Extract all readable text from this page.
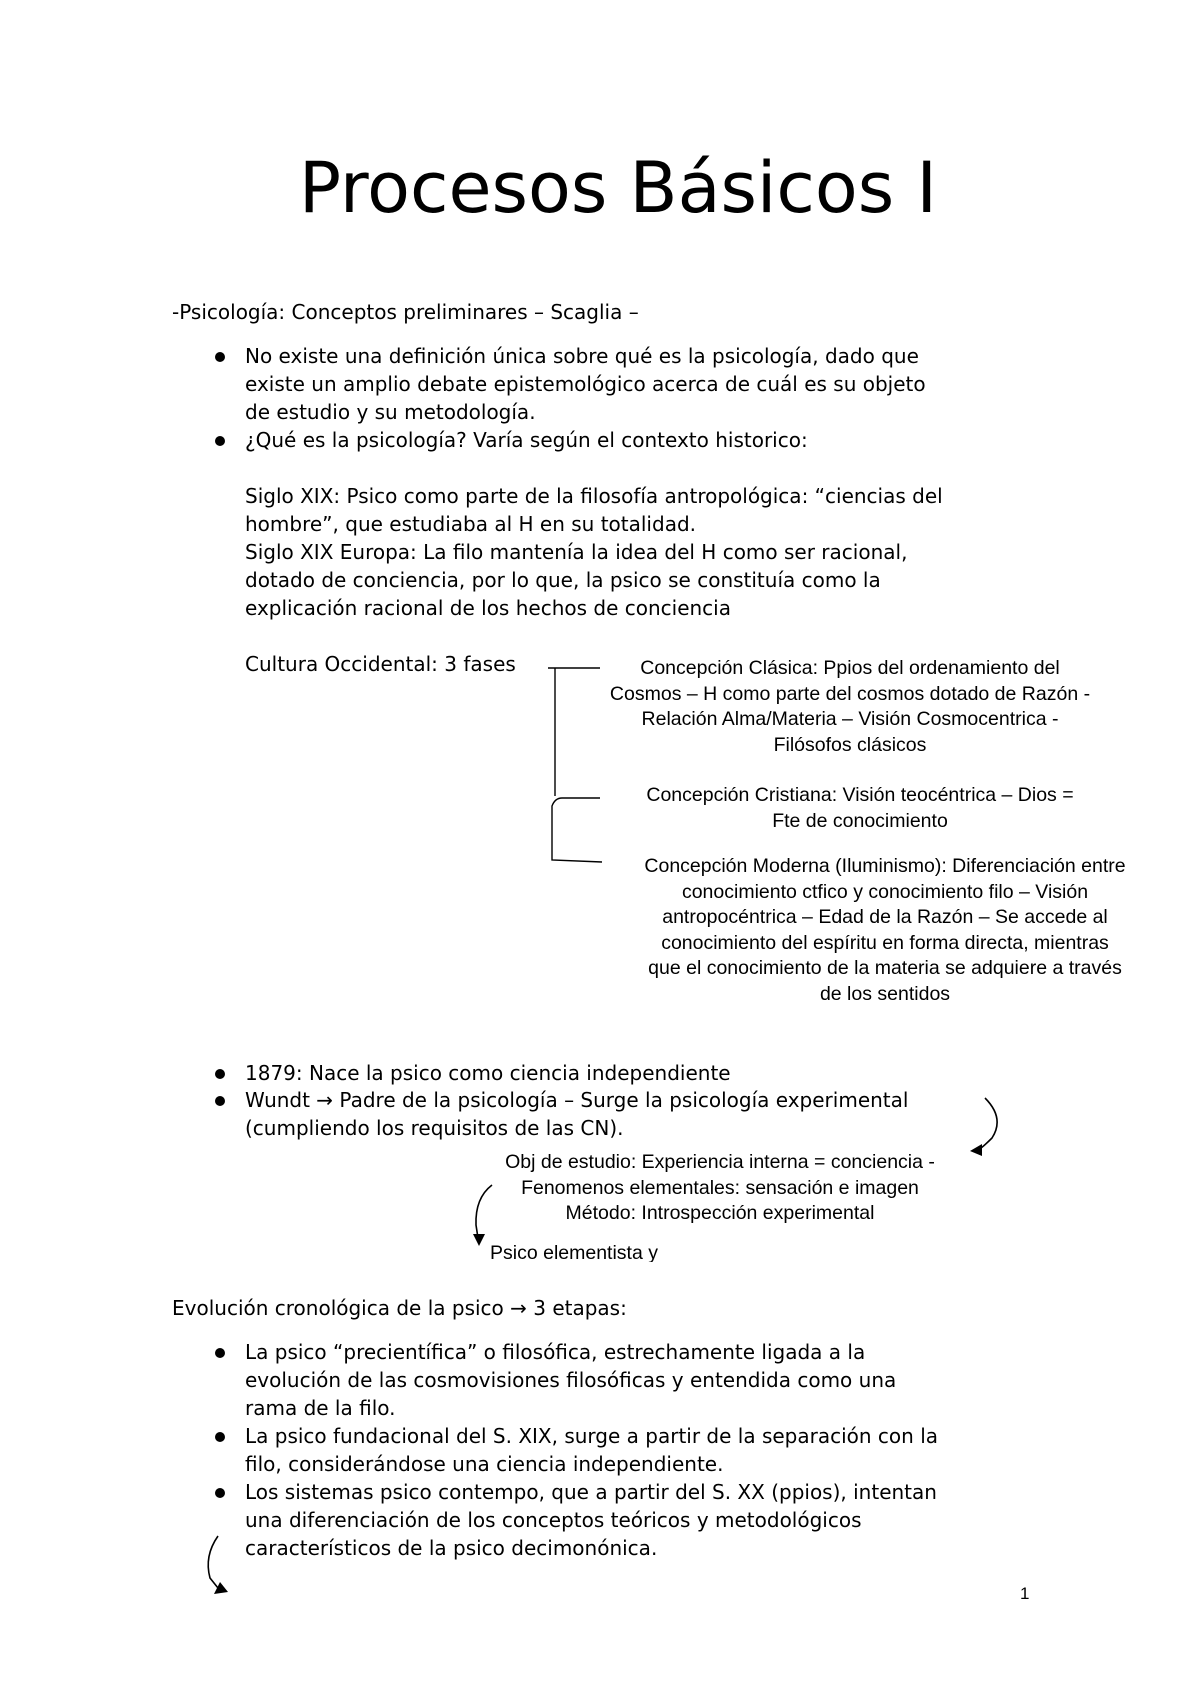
Procesos Básicos I
-Psicología: Conceptos preliminares – Scaglia –
No existe una definición única sobre qué es la psicología, dado que
existe un amplio debate epistemológico acerca de cuál es su objeto
de estudio y su metodología.
¿Qué es la psicología? Varía según el contexto historico:
Siglo XIX: Psico como parte de la filosofía antropológica: “ciencias del
hombre”, que estudiaba al H en su totalidad.
Siglo XIX Europa: La filo mantenía la idea del H como ser racional,
dotado de conciencia, por lo que, la psico se constituía como la
explicación racional de los hechos de conciencia
Cultura Occidental: 3 fases	Concepción Clásica: Ppios del ordenamiento del
Cosmos – H como parte del cosmos dotado de Razón -
Relación Alma/Materia – Visión Cosmocentrica -
Filósofos clásicos
Concepción Cristiana: Visión teocéntrica – Dios =
Fte de conocimiento
Concepción Moderna (Iluminismo): Diferenciación entre
conocimiento ctfico y conocimiento filo – Visión
antropocéntrica – Edad de la Razón – Se accede al
conocimiento del espíritu en forma directa, mientras
que el conocimiento de la materia se adquiere a través
de los sentidos
1879: Nace la psico como ciencia independiente
Wundt → Padre de la psicología – Surge la psicología experimental
(cumpliendo los requisitos de las CN).
Obj de estudio: Experiencia interna = conciencia -
Fenomenos elementales: sensación e imagen
Método: Introspección experimental
Psico elementista y
Evolución cronológica de la psico → 3 etapas:
La psico “precientífica” o filosófica, estrechamente ligada a la
evolución de las cosmovisiones filosóficas y entendida como una
rama de la filo.
La psico fundacional del S. XIX, surge a partir de la separación con la
filo, considerándose una ciencia independiente.
Los sistemas psico contempo, que a partir del S. XX (ppios), intentan
una diferenciación de los conceptos teóricos y metodológicos
característicos de la psico decimonónica.
1
